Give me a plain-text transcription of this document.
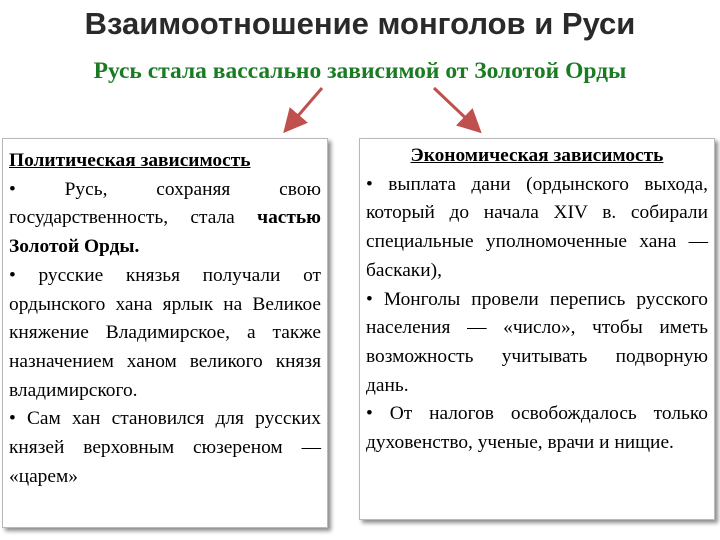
Взаимоотношение монголов и Руси
Русь стала вассально зависимой от Золотой Орды

Политическая зависимость

• Русь, сохраняя свою государственность, стала частью Золотой Орды.

• русские князья получали от ордынского хана ярлык на Великое княжение Владимирское, а также назначением ханом великого князя владимирского.

• Сам хан становился для русских князей верховным сюзереном — «царем»

Экономическая зависимость

• выплата дани (ордынского выхода, который до начала XIV в. собирали специальные уполномоченные хана — баскаки),

• Монголы провели перепись русского населения — «число», чтобы иметь возможность учитывать подворную дань.

• От налогов освобождалось только духовенство, ученые, врачи и нищие.
